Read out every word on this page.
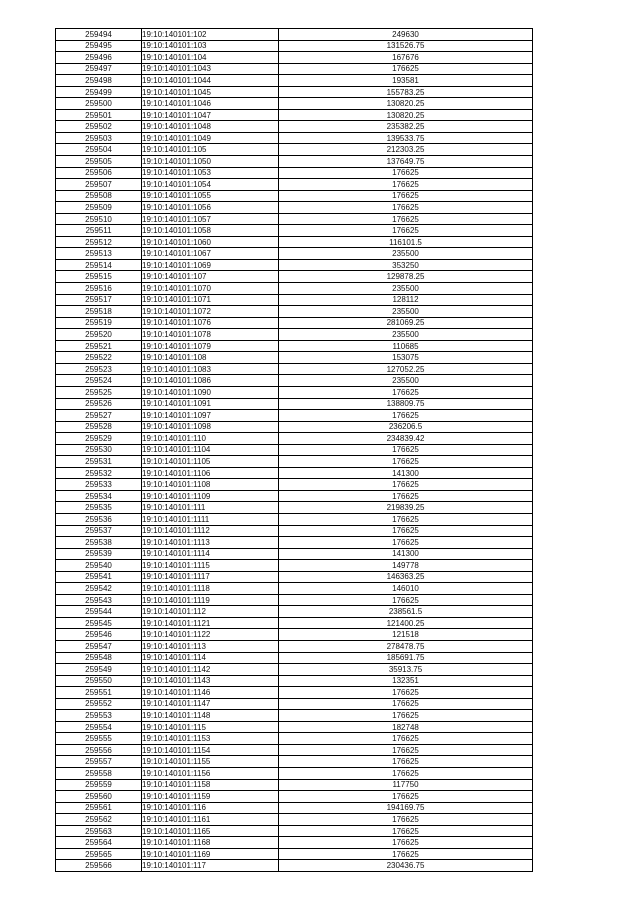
259494	19:10:140101:102	249630
259495	19:10:140101:103	131526.75
259496	19:10:140101:104	167676
259497	19:10:140101:1043	176625
259498	19:10:140101:1044	193581
259499	19:10:140101:1045	155783.25
259500	19:10:140101:1046	130820.25
259501	19:10:140101:1047	130820.25
259502	19:10:140101:1048	235382.25
259503	19:10:140101:1049	139533.75
259504	19:10:140101:105	212303.25
259505	19:10:140101:1050	137649.75
259506	19:10:140101:1053	176625
259507	19:10:140101:1054	176625
259508	19:10:140101:1055	176625
259509	19:10:140101:1056	176625
259510	19:10:140101:1057	176625
259511	19:10:140101:1058	176625
259512	19:10:140101:1060	116101.5
259513	19:10:140101:1067	235500
259514	19:10:140101:1069	353250
259515	19:10:140101:107	129878.25
259516	19:10:140101:1070	235500
259517	19:10:140101:1071	128112
259518	19:10:140101:1072	235500
259519	19:10:140101:1076	281069.25
259520	19:10:140101:1078	235500
259521	19:10:140101:1079	110685
259522	19:10:140101:108	153075
259523	19:10:140101:1083	127052.25
259524	19:10:140101:1086	235500
259525	19:10:140101:1090	176625
259526	19:10:140101:1091	138809.75
259527	19:10:140101:1097	176625
259528	19:10:140101:1098	236206.5
259529	19:10:140101:110	234839.42
259530	19:10:140101:1104	176625
259531	19:10:140101:1105	176625
259532	19:10:140101:1106	141300
259533	19:10:140101:1108	176625
259534	19:10:140101:1109	176625
259535	19:10:140101:111	219839.25
259536	19:10:140101:1111	176625
259537	19:10:140101:1112	176625
259538	19:10:140101:1113	176625
259539	19:10:140101:1114	141300
259540	19:10:140101:1115	149778
259541	19:10:140101:1117	146363.25
259542	19:10:140101:1118	146010
259543	19:10:140101:1119	176625
259544	19:10:140101:112	238561.5
259545	19:10:140101:1121	121400.25
259546	19:10:140101:1122	121518
259547	19:10:140101:113	278478.75
259548	19:10:140101:114	185691.75
259549	19:10:140101:1142	35913.75
259550	19:10:140101:1143	132351
259551	19:10:140101:1146	176625
259552	19:10:140101:1147	176625
259553	19:10:140101:1148	176625
259554	19:10:140101:115	182748
259555	19:10:140101:1153	176625
259556	19:10:140101:1154	176625
259557	19:10:140101:1155	176625
259558	19:10:140101:1156	176625
259559	19:10:140101:1158	117750
259560	19:10:140101:1159	176625
259561	19:10:140101:116	194169.75
259562	19:10:140101:1161	176625
259563	19:10:140101:1165	176625
259564	19:10:140101:1168	176625
259565	19:10:140101:1169	176625
259566	19:10:140101:117	230436.75
